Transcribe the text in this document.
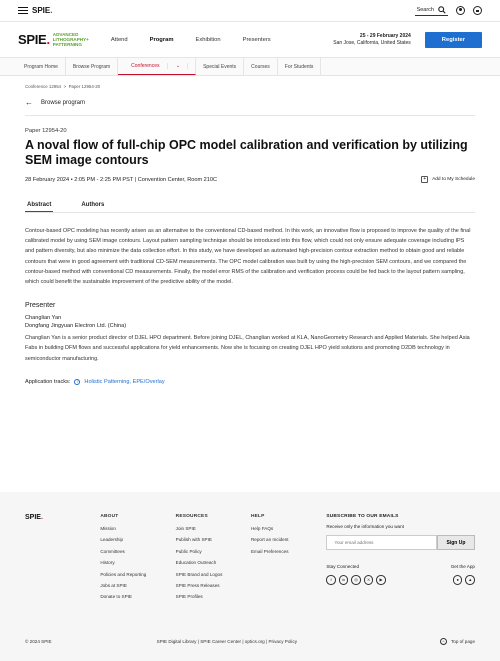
SPIE.	Search
SPIE. ADVANCED
LITHOGRAPHY+
PATTERNING
Attend	Program	Exhibition	Presenters
25 - 29 February 2024
San Jose, California, United States	Register
Program Home	Browse Program	Conferences
	⌄	Special Events	Courses	For Students
Conference 12954  >  Paper 12954-20
← Browse program
Paper 12954-20
A noval flow of full-chip OPC model calibration and verification by utilizing SEM image contours
28 February 2024 • 2:05 PM - 2:25 PM PST | Convention Center, Room 210C
+	Add to My Schedule
Abstract	Authors

Contour-based OPC modeling has recently arisen as an alternative to the conventional CD-based method. In this work, an innovative flow is proposed to improve the quality of the final calibrated model by using SEM image contours. Layout pattern sampling technique should be introduced into this flow, which could not only ensure adequate coverage including IPS and pattern diversity, but also minimize the data collection effort. In this study, we have developed an automated high-precision contour extraction method to obtain good and reliable contours that were in good agreement with traditional CD-SEM measurements. The OPC model calibration was built by using the high-precision SEM contours, and we compared the contour-based method with conventional CD measurements. Finally, the model error RMS of the calibration and verification process could be fed back to the layout pattern sampling, which could benefit the sustainable improvement of the predictive ability of the model.

Presenter
Changlian Yan
Dongfang Jingyuan Electron Ltd. (China)

Changlian Yan is a senior product director of DJEL HPO department. Before joining DJEL, Changlian worked at KLA, NanoGeometry Research and Applied Materials. She helped Asia Fabs in building DFM flows and successful applications for yield enhancements. Now she is focusing on creating DJEL HPO yield solutions and promoting D2DB technology in semiconductor manufacturing.

Application tracks:	?	Holistic Patterning, EPE/Overlay
SPIE.	ABOUT
Mission
Leadership
Committees
History
Policies and Reporting
Jobs at SPIE
Donate to SPIE
RESOURCES
Join SPIE
Publish with SPIE
Public Policy
Education Outreach
SPIE Brand and Logos
SPIE Press Releases
SPIE Profiles
HELP
Help FAQs
Report an Incident
Email Preferences
SUBSCRIBE TO OUR EMAILS
Receive only the information you want
Your email address
Sign Up
Stay Connected	Get the App
f	in	◎	X	▶	●	▲
© 2024 SPIE	SPIE Digital Library | SPIE Career Center | optics.org | Privacy Policy	^	Top of page
